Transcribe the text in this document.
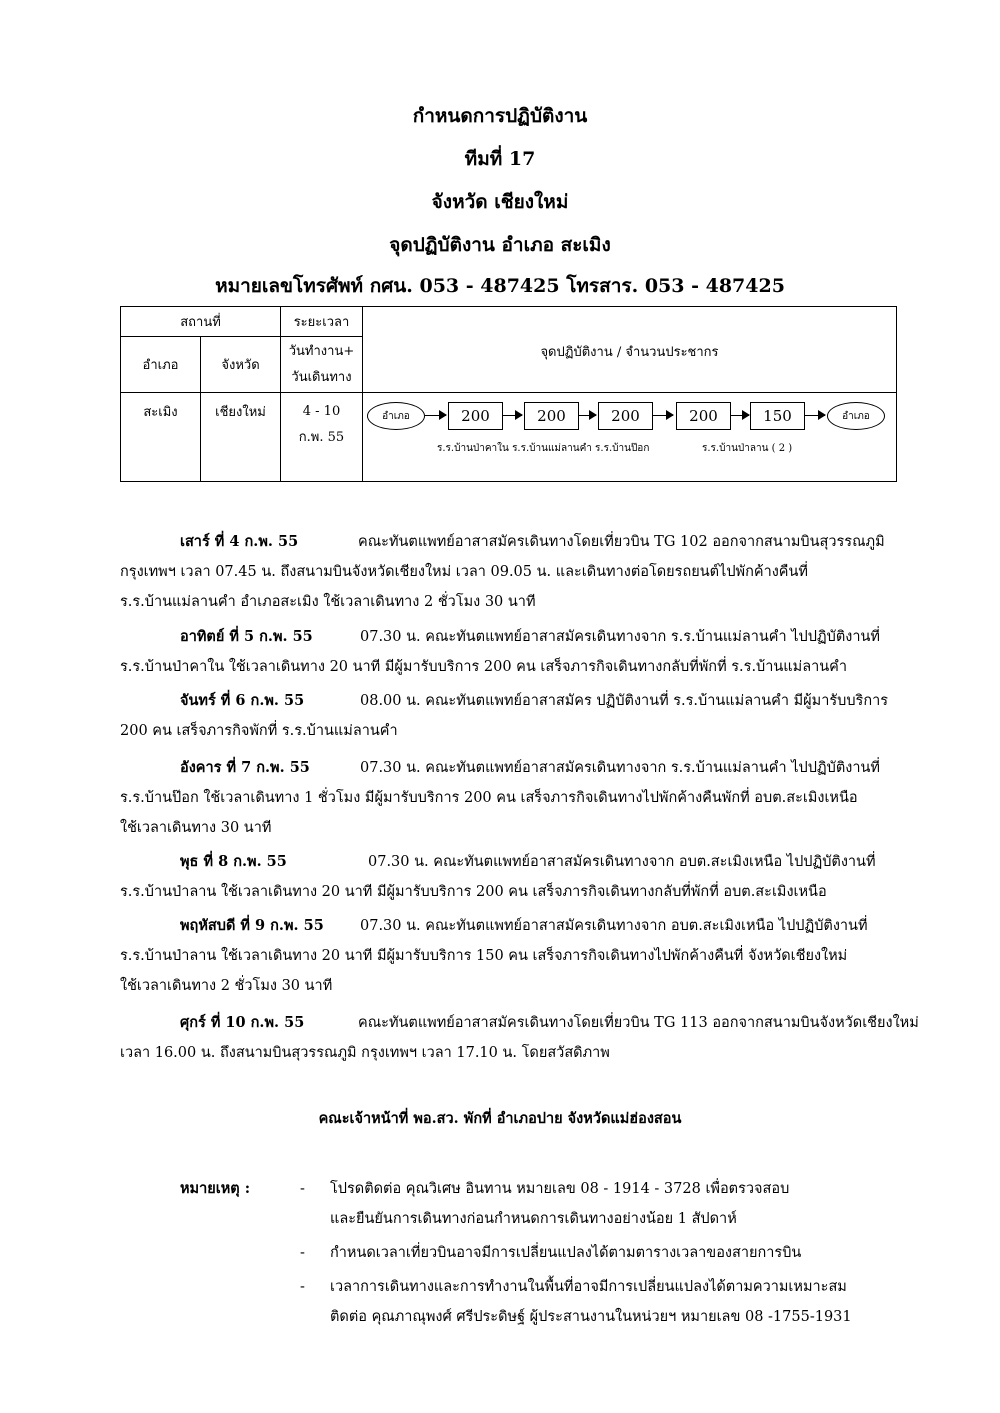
กำหนดการปฏิบัติงาน
ทีมที่ 17
จังหวัด เชียงใหม่
จุดปฏิบัติงาน อำเภอ สะเมิง
หมายเลขโทรศัพท์ กศน. 053 - 487425 โทรสาร. 053 - 487425
สถานที่		ระยะเวลา	จุดปฏิบัติงาน / จำนวนประชากร
อำเภอ	จังหวัด	วันทำงาน+
วันเดินทาง	

สะเมิง	เชียงใหม่	4 - 10
ก.พ. 55	

อำเภอ	200	200	200	200	150	อำเภอ
ร.ร.บ้านป่าคาใน ร.ร.บ้านแม่ลานคำ ร.ร.บ้านป๊อก	ร.ร.บ้านป่าลาน ( 2 )
เสาร์ ที่ 4 ก.พ. 55	คณะทันตแพทย์อาสาสมัครเดินทางโดยเที่ยวบิน TG 102 ออกจากสนามบินสุวรรณภูมิ
กรุงเทพฯ เวลา 07.45 น. ถึงสนามบินจังหวัดเชียงใหม่ เวลา 09.05 น. และเดินทางต่อโดยรถยนต์ไปพักค้างคืนที่
ร.ร.บ้านแม่ลานคำ อำเภอสะเมิง ใช้เวลาเดินทาง 2 ชั่วโมง 30 นาที
อาทิตย์ ที่ 5 ก.พ. 55	07.30 น. คณะทันตแพทย์อาสาสมัครเดินทางจาก ร.ร.บ้านแม่ลานคำ ไปปฏิบัติงานที่
ร.ร.บ้านป่าคาใน ใช้เวลาเดินทาง 20 นาที มีผู้มารับบริการ 200 คน เสร็จภารกิจเดินทางกลับที่พักที่ ร.ร.บ้านแม่ลานคำ
จันทร์ ที่ 6 ก.พ. 55	08.00 น. คณะทันตแพทย์อาสาสมัคร ปฏิบัติงานที่ ร.ร.บ้านแม่ลานคำ มีผู้มารับบริการ
200 คน เสร็จภารกิจพักที่ ร.ร.บ้านแม่ลานคำ
อังคาร ที่ 7 ก.พ. 55	07.30 น. คณะทันตแพทย์อาสาสมัครเดินทางจาก ร.ร.บ้านแม่ลานคำ ไปปฏิบัติงานที่
ร.ร.บ้านป๊อก ใช้เวลาเดินทาง 1 ชั่วโมง มีผู้มารับบริการ 200 คน เสร็จภารกิจเดินทางไปพักค้างคืนพักที่ อบต.สะเมิงเหนือ
ใช้เวลาเดินทาง 30 นาที
พุธ ที่ 8 ก.พ. 55	07.30 น. คณะทันตแพทย์อาสาสมัครเดินทางจาก อบต.สะเมิงเหนือ ไปปฏิบัติงานที่
ร.ร.บ้านป่าลาน ใช้เวลาเดินทาง 20 นาที มีผู้มารับบริการ 200 คน เสร็จภารกิจเดินทางกลับที่พักที่ อบต.สะเมิงเหนือ
พฤหัสบดี ที่ 9 ก.พ. 55	07.30 น. คณะทันตแพทย์อาสาสมัครเดินทางจาก อบต.สะเมิงเหนือ ไปปฏิบัติงานที่
ร.ร.บ้านป่าลาน ใช้เวลาเดินทาง 20 นาที มีผู้มารับบริการ 150 คน เสร็จภารกิจเดินทางไปพักค้างคืนที่ จังหวัดเชียงใหม่
ใช้เวลาเดินทาง 2 ชั่วโมง 30 นาที
ศุกร์ ที่ 10 ก.พ. 55	คณะทันตแพทย์อาสาสมัครเดินทางโดยเที่ยวบิน TG 113 ออกจากสนามบินจังหวัดเชียงใหม่
เวลา 16.00 น. ถึงสนามบินสุวรรณภูมิ กรุงเทพฯ เวลา 17.10 น. โดยสวัสดิภาพ
คณะเจ้าหน้าที่ พอ.สว. พักที่ อำเภอปาย จังหวัดแม่ฮ่องสอน
หมายเหตุ :	- โปรดติดต่อ คุณวิเศษ อินทาน หมายเลข 08 - 1914 - 3728 เพื่อตรวจสอบ
และยืนยันการเดินทางก่อนกำหนดการเดินทางอย่างน้อย 1 สัปดาห์
- กำหนดเวลาเที่ยวบินอาจมีการเปลี่ยนแปลงได้ตามตารางเวลาของสายการบิน
- เวลาการเดินทางและการทำงานในพื้นที่อาจมีการเปลี่ยนแปลงได้ตามความเหมาะสม
ติดต่อ คุณภาณุพงศ์ ศรีประดิษฐ์ ผู้ประสานงานในหน่วยฯ หมายเลข 08 -1755-1931
